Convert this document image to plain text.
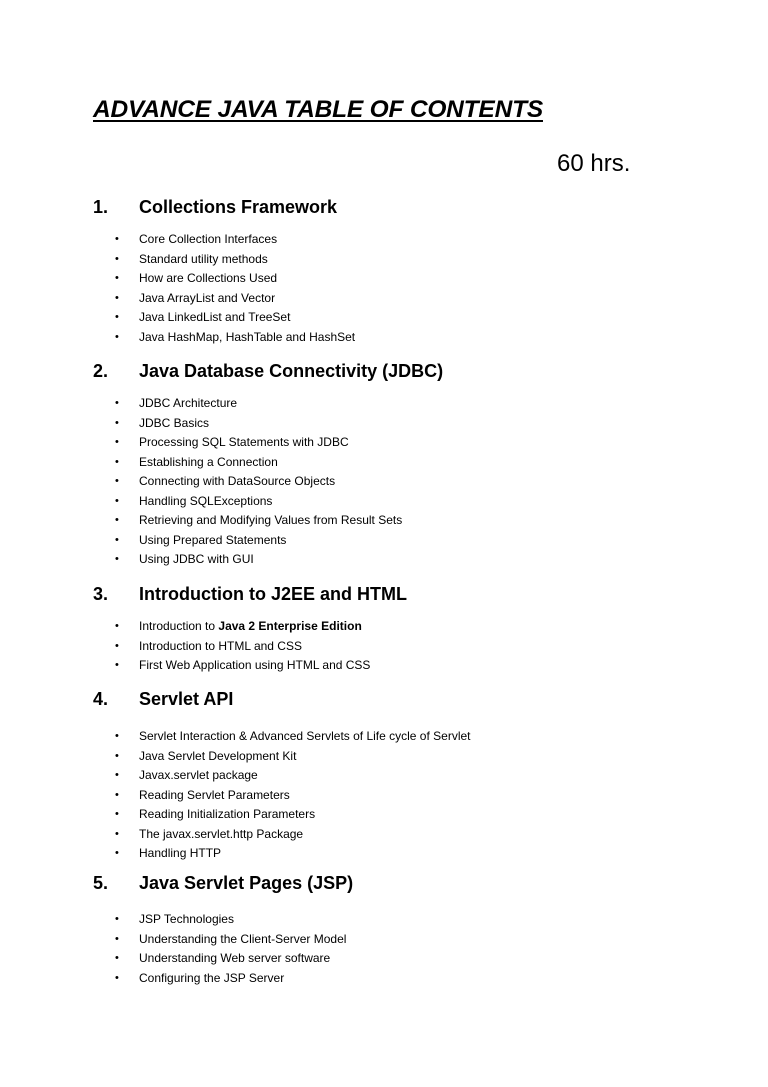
ADVANCE JAVA TABLE OF CONTENTS
60 hrs.
1. Collections Framework
• Core Collection Interfaces
• Standard utility methods
• How are Collections Used
• Java ArrayList and Vector
• Java LinkedList and TreeSet
• Java HashMap, HashTable and HashSet
2. Java Database Connectivity (JDBC)
• JDBC Architecture
• JDBC Basics
• Processing SQL Statements with JDBC
• Establishing a Connection
• Connecting with DataSource Objects
• Handling SQLExceptions
• Retrieving and Modifying Values from Result Sets
• Using Prepared Statements
• Using JDBC with GUI
3. Introduction to J2EE and HTML
• Introduction to Java 2 Enterprise Edition
• Introduction to HTML and CSS
• First Web Application using HTML and CSS
4. Servlet API
• Servlet Interaction & Advanced Servlets of Life cycle of Servlet
• Java Servlet Development Kit
• Javax.servlet package
• Reading Servlet Parameters
• Reading Initialization Parameters
• The javax.servlet.http Package
• Handling HTTP
5. Java Servlet Pages (JSP)
• JSP Technologies
• Understanding the Client-Server Model
• Understanding Web server software
• Configuring the JSP Server
